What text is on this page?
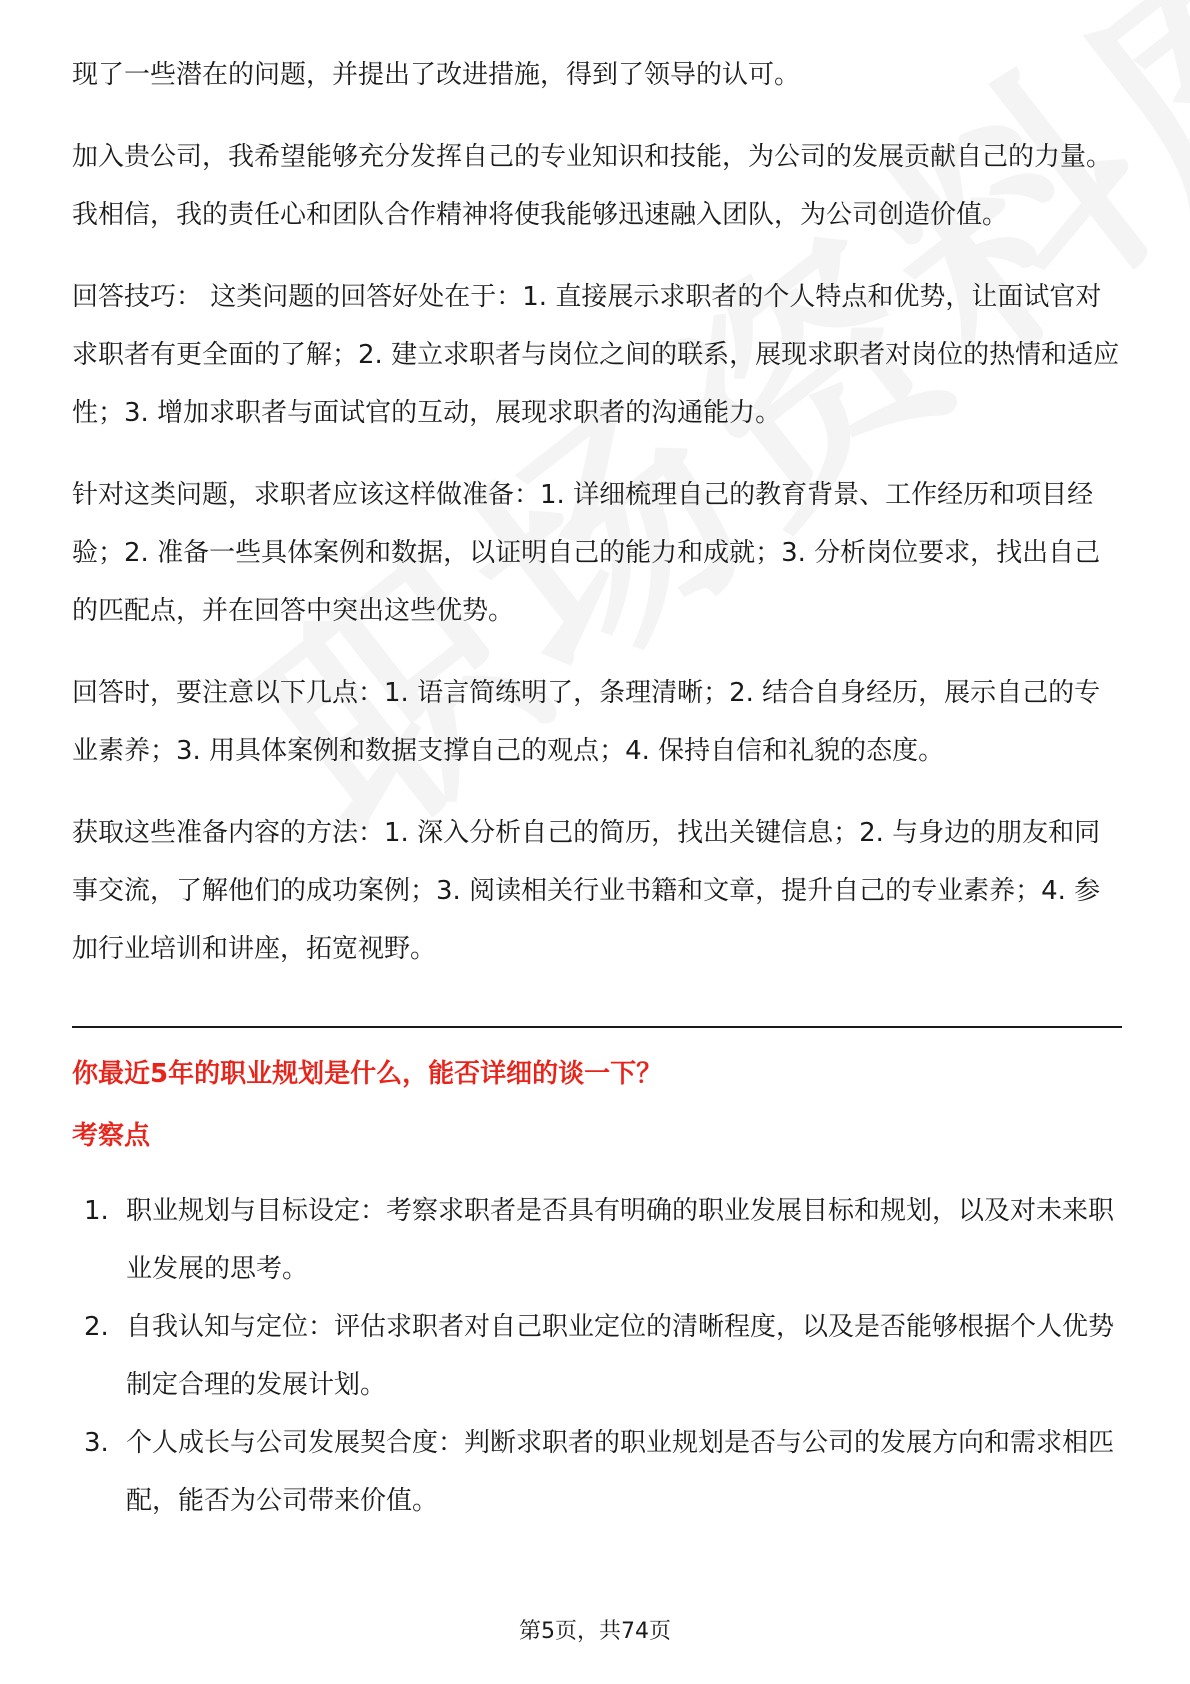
现了一些潜在的问题，并提出了改进措施，得到了领导的认可。

加入贵公司，我希望能够充分发挥自己的专业知识和技能，为公司的发展贡献自己的力量。我相信，我的责任心和团队合作精神将使我能够迅速融入团队，为公司创造价值。

回答技巧： 这类问题的回答好处在于：1. 直接展示求职者的个人特点和优势，让面试官对求职者有更全面的了解；2. 建立求职者与岗位之间的联系，展现求职者对岗位的热情和适应性；3. 增加求职者与面试官的互动，展现求职者的沟通能力。

针对这类问题，求职者应该这样做准备：1. 详细梳理自己的教育背景、工作经历和项目经验；2. 准备一些具体案例和数据，以证明自己的能力和成就；3. 分析岗位要求，找出自己的匹配点，并在回答中突出这些优势。

回答时，要注意以下几点：1. 语言简练明了，条理清晰；2. 结合自身经历，展示自己的专业素养；3. 用具体案例和数据支撑自己的观点；4. 保持自信和礼貌的态度。

获取这些准备内容的方法：1. 深入分析自己的简历，找出关键信息；2. 与身边的朋友和同事交流，了解他们的成功案例；3. 阅读相关行业书籍和文章，提升自己的专业素养；4. 参加行业培训和讲座，拓宽视野。

你最近5年的职业规划是什么，能否详细的谈一下？
考察点
1. 职业规划与目标设定：考察求职者是否具有明确的职业发展目标和规划，以及对未来职业发展的思考。
2. 自我认知与定位：评估求职者对自己职业定位的清晰程度，以及是否能够根据个人优势制定合理的发展计划。
3. 个人成长与公司发展契合度：判断求职者的职业规划是否与公司的发展方向和需求相匹配，能否为公司带来价值。
第5页，共74页
